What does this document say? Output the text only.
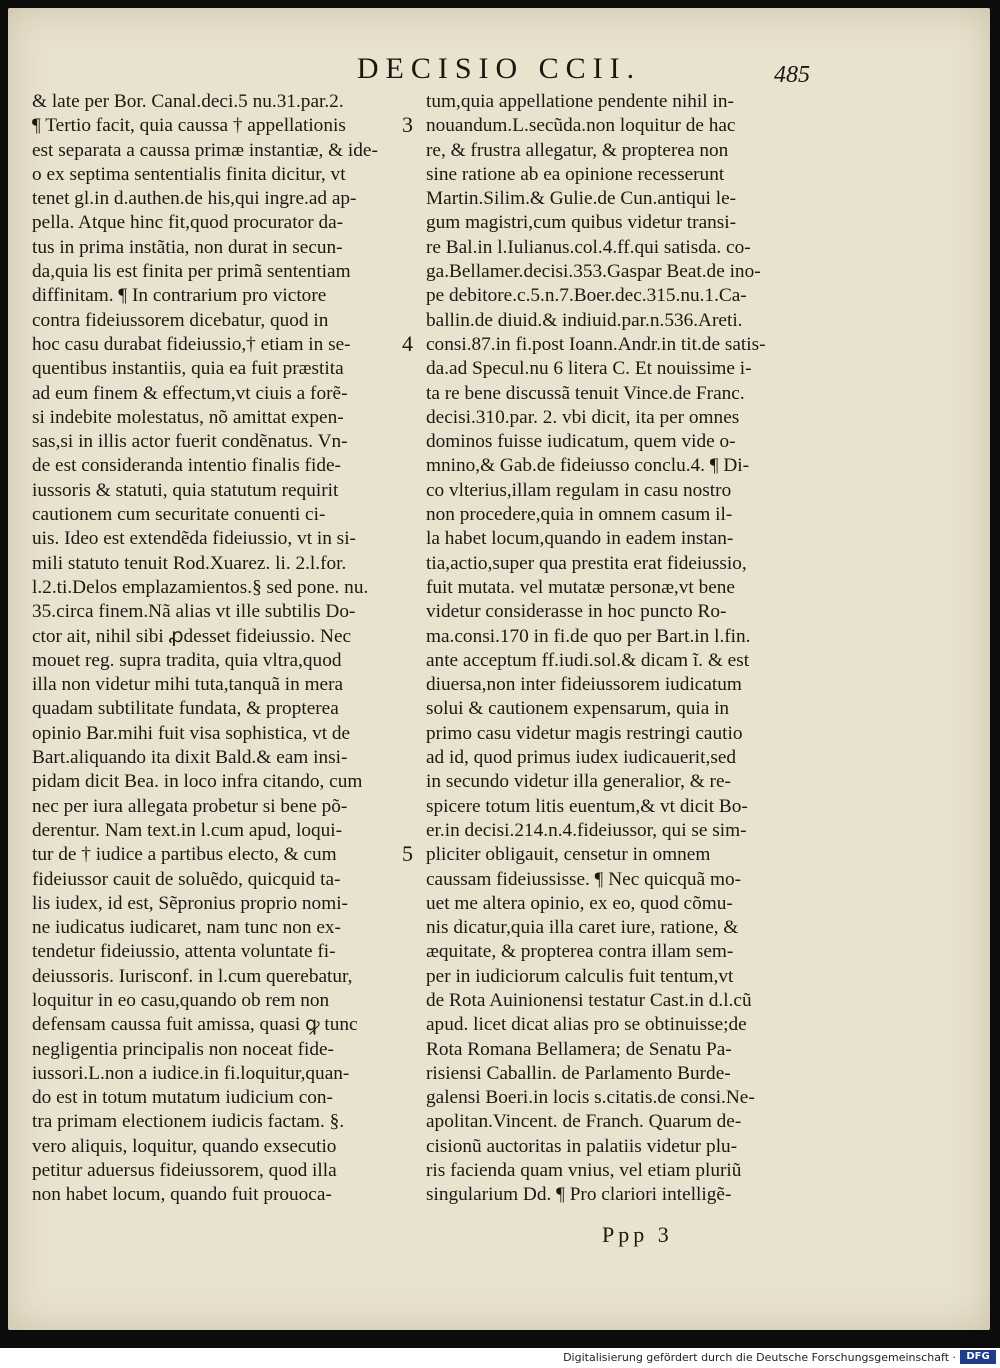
DECISIO CCII.	485
& late per Bor. Canal.deci.5 nu.31.par.2.
¶ Tertio facit, quia caussa † appellationis
est separata a caussa primæ instantiæ, & ide-
o ex septima sententialis finita dicitur, vt
tenet gl.in d.authen.de his,qui ingre.ad ap-
pella. Atque hinc fit,quod procurator da-
tus in prima instãtia, non durat in secun-
da,quia lis est finita per primã sententiam
diffinitam. ¶ In contrarium pro victore
contra fideiussorem dicebatur, quod in
hoc casu durabat fideiussio,† etiam in se-
quentibus instantiis, quia ea fuit præstita
ad eum finem & effectum,vt ciuis a forẽ-
si indebite molestatus, nõ amittat expen-
sas,si in illis actor fuerit condẽnatus. Vn-
de est consideranda intentio finalis fide-
iussoris & statuti, quia statutum requirit
cautionem cum securitate conuenti ci-
uis. Ideo est extendẽda fideiussio, vt in si-
mili statuto tenuit Rod.Xuarez. li. 2.l.for.
l.2.ti.Delos emplazamientos.§ sed pone. nu.
35.circa finem.Nã alias vt ille subtilis Do-
ctor ait, nihil sibi ꝓdesset fideiussio. Nec
mouet reg. supra tradita, quia vltra,quod
illa non videtur mihi tuta,tanquã in mera
quadam subtilitate fundata, & propterea
opinio Bar.mihi fuit visa sophistica, vt de
Bart.aliquando ita dixit Bald.& eam insi-
pidam dicit Bea. in loco infra citando, cum
nec per iura allegata probetur si bene põ-
derentur. Nam text.in l.cum apud, loqui-
tur de † iudice a partibus electo, & cum
fideiussor cauit de soluẽdo, quicquid ta-
lis iudex, id est, Sẽpronius proprio nomi-
ne iudicatus iudicaret, nam tunc non ex-
tendetur fideiussio, attenta voluntate fi-
deiussoris. Iurisconf. in l.cum querebatur,
loquitur in eo casu,quando ob rem non
defensam caussa fuit amissa, quasi ꝙ tunc
negligentia principalis non noceat fide-
iussori.L.non a iudice.in fi.loquitur,quan-
do est in totum mutatum iudicium con-
tra primam electionem iudicis factam. §.
vero aliquis, loquitur, quando exsecutio
petitur aduersus fideiussorem, quod illa
non habet locum, quando fuit prouoca-
3
4
5
tum,quia appellatione pendente nihil in-
nouandum.L.secũda.non loquitur de hac
re, & frustra allegatur, & propterea non
sine ratione ab ea opinione recesserunt
Martin.Silim.& Gulie.de Cun.antiqui le-
gum magistri,cum quibus videtur transi-
re Bal.in l.Iulianus.col.4.ff.qui satisda. co-
ga.Bellamer.decisi.353.Gaspar Beat.de ino-
pe debitore.c.5.n.7.Boer.dec.315.nu.1.Ca-
ballin.de diuid.& indiuid.par.n.536.Areti.
consi.87.in fi.post Ioann.Andr.in tit.de satis-
da.ad Specul.nu 6 litera C. Et nouissime i-
ta re bene discussã tenuit Vince.de Franc.
decisi.310.par. 2. vbi dicit, ita per omnes
dominos fuisse iudicatum, quem vide o-
mnino,& Gab.de fideiusso conclu.4. ¶ Di-
co vlterius,illam regulam in casu nostro
non procedere,quia in omnem casum il-
la habet locum,quando in eadem instan-
tia,actio,super qua prestita erat fideiussio,
fuit mutata. vel mutatæ personæ,vt bene
videtur considerasse in hoc puncto Ro-
ma.consi.170 in fi.de quo per Bart.in l.fin.
ante acceptum ff.iudi.sol.& dicam ĩ. & est
diuersa,non inter fideiussorem iudicatum
solui & cautionem expensarum, quia in
primo casu videtur magis restringi cautio
ad id, quod primus iudex iudicauerit,sed
in secundo videtur illa generalior, & re-
spicere totum litis euentum,& vt dicit Bo-
er.in decisi.214.n.4.fideiussor, qui se sim-
pliciter obligauit, censetur in omnem
caussam fideiussisse. ¶ Nec quicquã mo-
uet me altera opinio, ex eo, quod cõmu-
nis dicatur,quia illa caret iure, ratione, &
æquitate, & propterea contra illam sem-
per in iudiciorum calculis fuit tentum,vt
de Rota Auinionensi testatur Cast.in d.l.cũ
apud. licet dicat alias pro se obtinuisse;de
Rota Romana Bellamera; de Senatu Pa-
risiensi Caballin. de Parlamento Burde-
galensi Boeri.in locis s.citatis.de consi.Ne-
apolitan.Vincent. de Franch. Quarum de-
cisionũ auctoritas in palatiis videtur plu-
ris facienda quam vnius, vel etiam pluriũ
singularium Dd. ¶ Pro clariori intelligẽ-
Ppp 3
Digitalisierung gefördert durch die Deutsche Forschungsgemeinschaft ·	DFG
